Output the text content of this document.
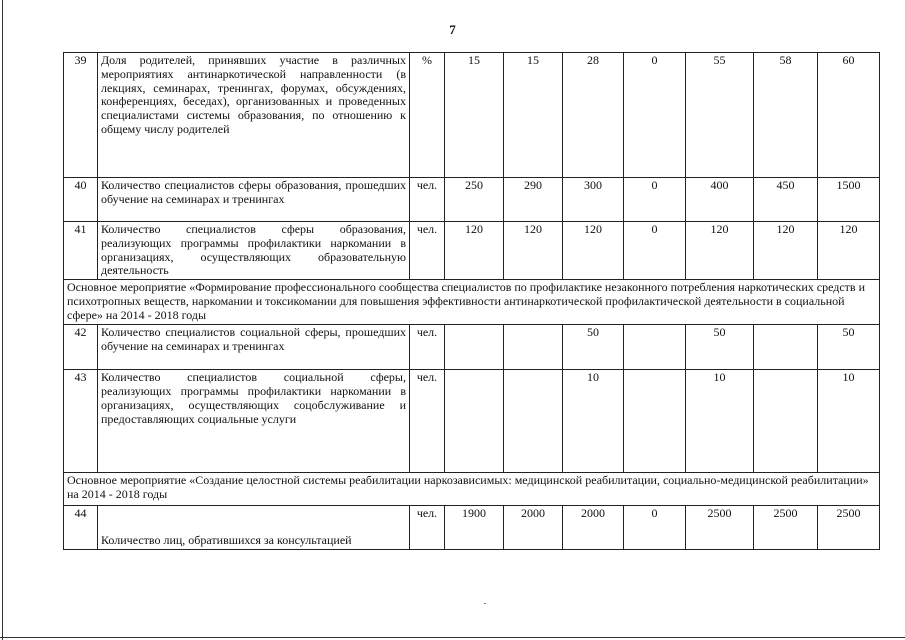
7
39	Доля родителей, принявших участие в различных мероприятиях антинаркотической направленности (в лекциях, семинарах, тренингах, форумах, обсуждениях, конференциях, беседах), организованных и проведенных специалистами системы образования, по отношению к общему числу родителей	%	15	15	28	0	55	58	60
40	Количество специалистов сферы образования, прошедших обучение на семинарах и тренингах	чел.	250	290	300	0	400	450	1500
41	Количество специалистов сферы образования, реализующих программы профилактики наркомании в организациях, осуществляющих образовательную деятельность	чел.	120	120	120	0	120	120	120
Основное мероприятие «Формирование профессионального сообщества специалистов по профилактике незаконного потребления наркотических средств и психотропных веществ, наркомании и токсикомании для повышения эффективности антинаркотической профилактической деятельности в социальной сфере» на 2014 - 2018 годы									
42	Количество специалистов социальной сферы, прошедших обучение на семинарах и тренингах	чел.			50		50		50
43	Количество специалистов социальной сферы, реализующих программы профилактики наркомании в организациях, осуществляющих соцобслуживание и предоставляющих социальные услуги	чел.			10		10		10
Основное мероприятие «Создание целостной системы реабилитации наркозависимых: медицинской реабилитации, социально-медицинской реабилитации» на 2014 - 2018 годы									
44	Количество лиц, обратившихся за консультацией	чел.	1900	2000	2000	0	2500	2500	2500
